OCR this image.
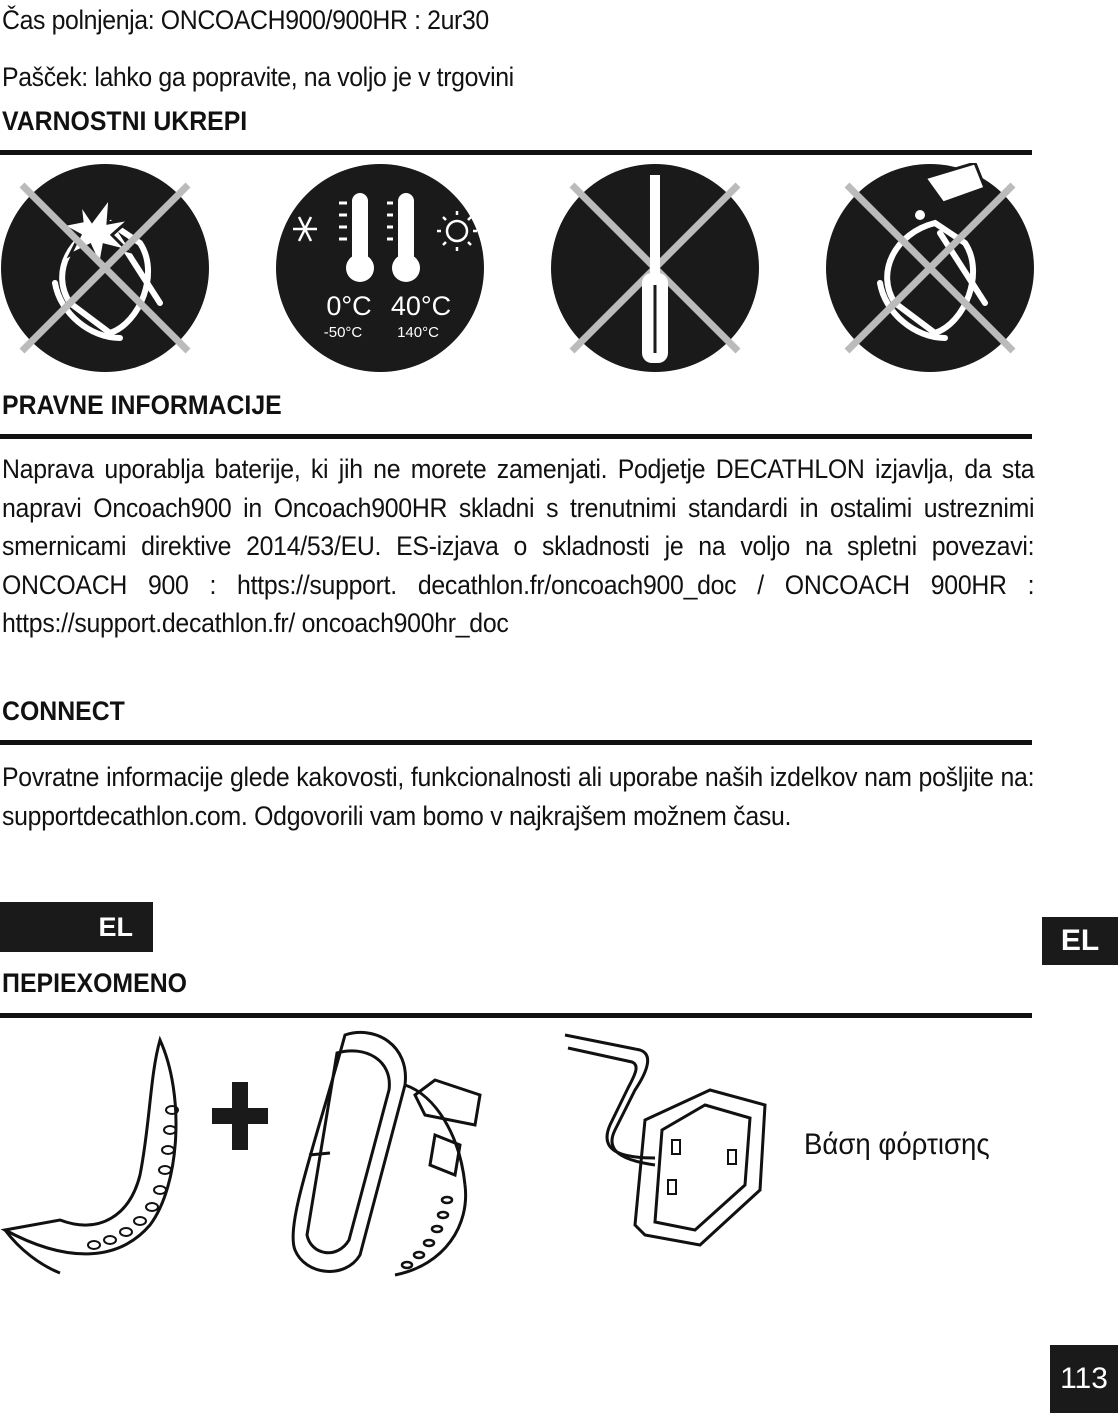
Čas polnjenja: ONCOACH900/900HR : 2ur30
Pašček: lahko ga popravite, na voljo je v trgovini
VARNOSTNI UKREPI
0°C 40°C
-50°C 140°C
PRAVNE INFORMACIJE
Naprava uporablja baterije, ki jih ne morete zamenjati. Podjetje DECATHLON izjavlja, da sta napravi Oncoach900 in Oncoach900HR skladni s trenutnimi standardi in ostalimi ustreznimi smernicami direktive 2014/53/EU. ES-izjava o skladnosti je na voljo na spletni povezavi: ONCOACH 900 : https://support. decathlon.fr/oncoach900_doc / ONCOACH 900HR : https://support.decathlon.fr/ oncoach900hr_doc
CONNECT
Povratne informacije glede kakovosti, funkcionalnosti ali uporabe naših izdelkov nam pošljite na: supportdecathlon.com. Odgovorili vam bomo v najkrajšem možnem času.
EL	EL
ΠΕΡΙΕΧΟΜΕΝΟ
Βάση φόρτισης
113
